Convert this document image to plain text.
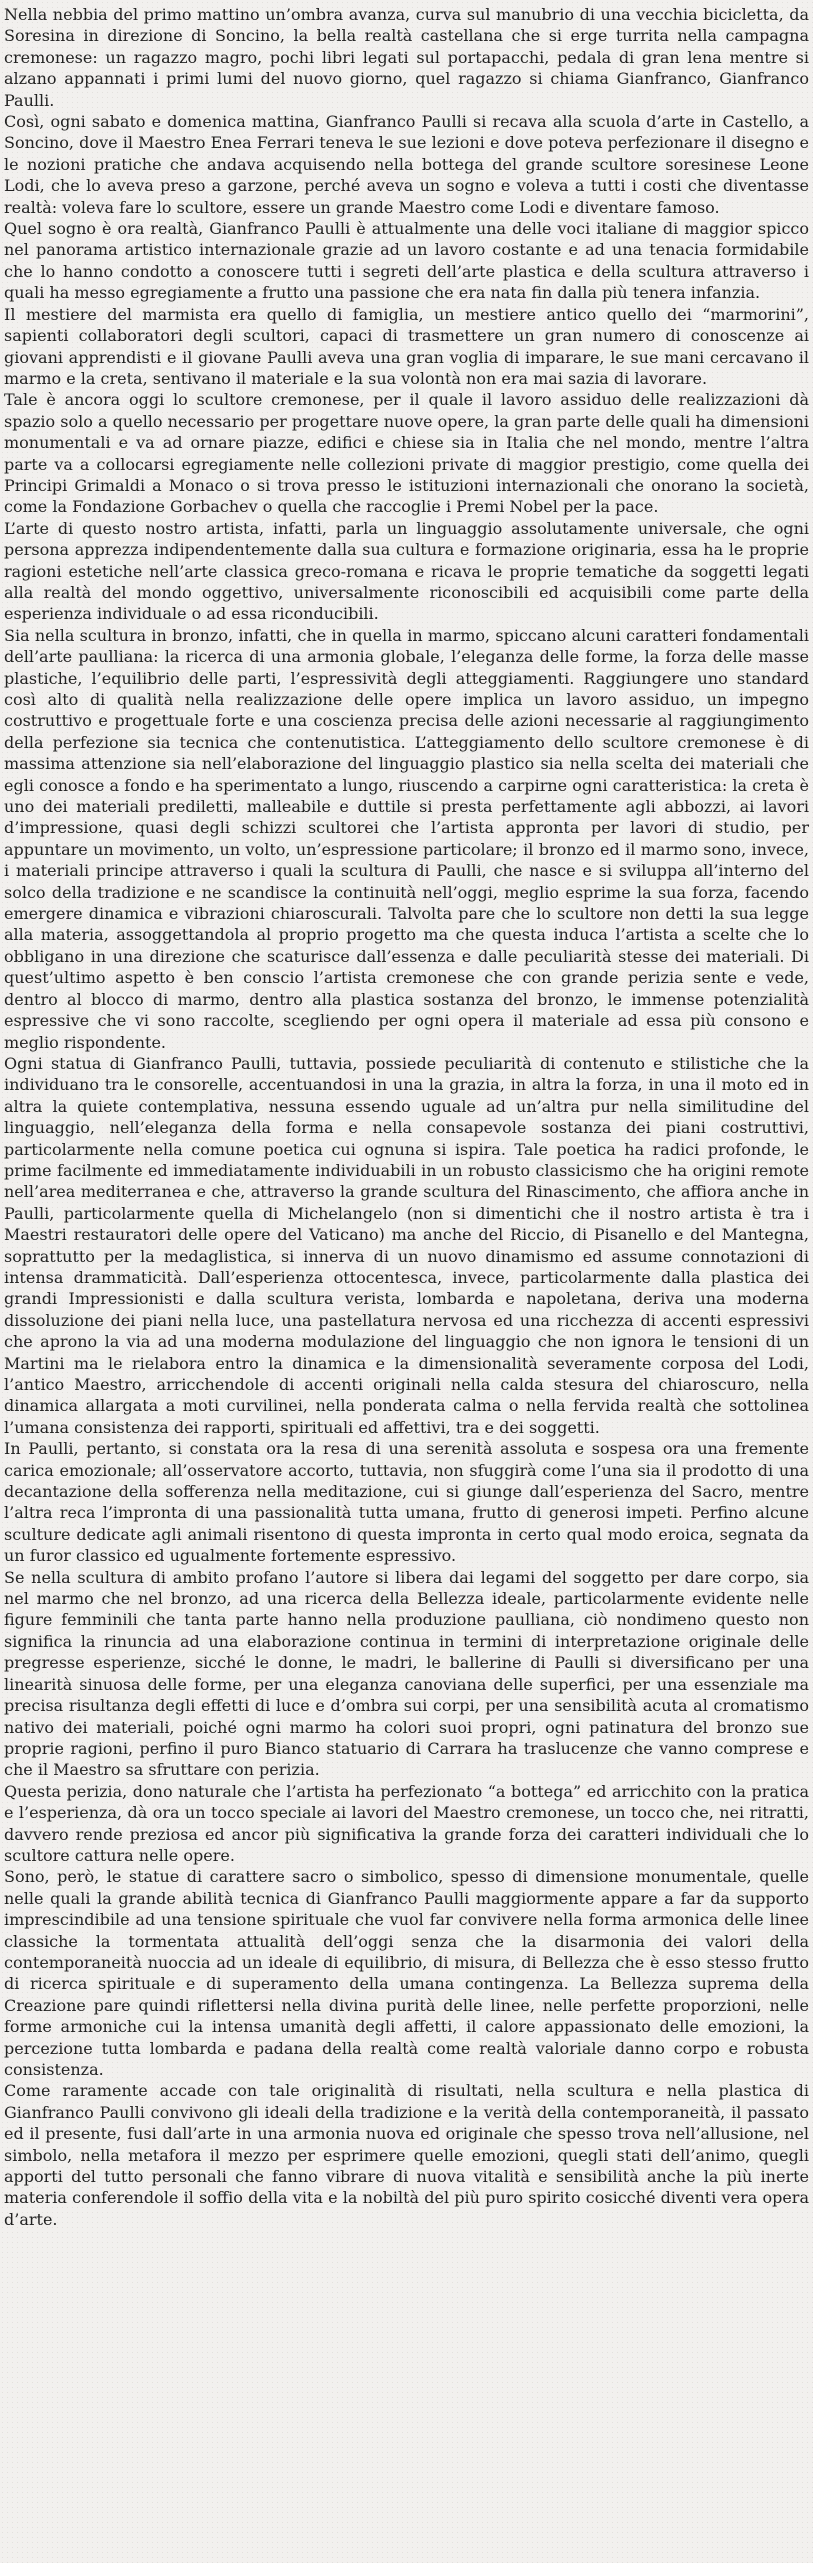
Nella nebbia del primo mattino un’ombra avanza, curva sul manubrio di una vecchia bicicletta, da Soresina in direzione di Soncino, la bella realtà castellana che si erge turrita nella campagna cremonese: un ragazzo magro, pochi libri legati sul portapacchi, pedala di gran lena mentre si alzano appannati i primi lumi del nuovo giorno, quel ragazzo si chiama Gianfranco, Gianfranco Paulli.

Così, ogni sabato e domenica mattina, Gianfranco Paulli si recava alla scuola d’arte in Castello, a Soncino, dove il Maestro Enea Ferrari teneva le sue lezioni e dove poteva perfezionare il disegno e le nozioni pratiche che andava acquisendo nella bottega del grande scultore soresinese Leone Lodi, che lo aveva preso a garzone, perché aveva un sogno e voleva a tutti i costi che diventasse realtà: voleva fare lo scultore, essere un grande Maestro come Lodi e diventare famoso.

Quel sogno è ora realtà, Gianfranco Paulli è attualmente una delle voci italiane di maggior spicco nel panorama artistico internazionale grazie ad un lavoro costante e ad una tenacia formidabile che lo hanno condotto a conoscere tutti i segreti dell’arte plastica e della scultura attraverso i quali ha messo egregiamente a frutto una passione che era nata fin dalla più tenera infanzia.

Il mestiere del marmista era quello di famiglia, un mestiere antico quello dei “marmorini”, sapienti collaboratori degli scultori, capaci di trasmettere un gran numero di conoscenze ai giovani apprendisti e il giovane Paulli aveva una gran voglia di imparare, le sue mani cercavano il marmo e la creta, sentivano il materiale e la sua volontà non era mai sazia di lavorare.

Tale è ancora oggi lo scultore cremonese, per il quale il lavoro assiduo delle realizzazioni dà spazio solo a quello necessario per progettare nuove opere, la gran parte delle quali ha dimensioni monumentali e va ad ornare piazze, edifici e chiese sia in Italia che nel mondo, mentre l’altra parte va a collocarsi egregiamente nelle collezioni private di maggior prestigio, come quella dei Principi Grimaldi a Monaco o si trova presso le istituzioni internazionali che onorano la società, come la Fondazione Gorbachev o quella che raccoglie i Premi Nobel per la pace.

L’arte di questo nostro artista, infatti, parla un linguaggio assolutamente universale, che ogni persona apprezza indipendentemente dalla sua cultura e formazione originaria, essa ha le proprie ragioni estetiche nell’arte classica greco-romana e ricava le proprie tematiche da soggetti legati alla realtà del mondo oggettivo, universalmente riconoscibili ed acquisibili come parte della esperienza individuale o ad essa riconducibili.

Sia nella scultura in bronzo, infatti, che in quella in marmo, spiccano alcuni caratteri fondamentali dell’arte paulliana: la ricerca di una armonia globale, l’eleganza delle forme, la forza delle masse plastiche, l’equilibrio delle parti, l’espressività degli atteggiamenti. Raggiungere uno standard così alto di qualità nella realizzazione delle opere implica un lavoro assiduo, un impegno costruttivo e progettuale forte e una coscienza precisa delle azioni necessarie al raggiungimento della perfezione sia tecnica che contenutistica. L’atteggiamento dello scultore cremonese è di massima attenzione sia nell’elaborazione del linguaggio plastico sia nella scelta dei materiali che egli conosce a fondo e ha sperimentato a lungo, riuscendo a carpirne ogni caratteristica: la creta è uno dei materiali prediletti, malleabile e duttile si presta perfettamente agli abbozzi, ai lavori d’impressione, quasi degli schizzi scultorei che l’artista appronta per lavori di studio, per appuntare un movimento, un volto, un’espressione particolare; il bronzo ed il marmo sono, invece, i materiali principe attraverso i quali la scultura di Paulli, che nasce e si sviluppa all’interno del solco della tradizione e ne scandisce la continuità nell’oggi, meglio esprime la sua forza, facendo emergere dinamica e vibrazioni chiaroscurali. Talvolta pare che lo scultore non detti la sua legge alla materia, assoggettandola al proprio progetto ma che questa induca l’artista a scelte che lo obbligano in una direzione che scaturisce dall’essenza e dalle peculiarità stesse dei materiali. Di quest’ultimo aspetto è ben conscio l’artista cremonese che con grande perizia sente e vede, dentro al blocco di marmo, dentro alla plastica sostanza del bronzo, le immense potenzialità espressive che vi sono raccolte, scegliendo per ogni opera il materiale ad essa più consono e meglio rispondente.

Ogni statua di Gianfranco Paulli, tuttavia, possiede peculiarità di contenuto e stilistiche che la individuano tra le consorelle, accentuandosi in una la grazia, in altra la forza, in una il moto ed in altra la quiete contemplativa, nessuna essendo uguale ad un’altra pur nella similitudine del linguaggio, nell’eleganza della forma e nella consapevole sostanza dei piani costruttivi, particolarmente nella comune poetica cui ognuna si ispira. Tale poetica ha radici profonde, le prime facilmente ed immediatamente individuabili in un robusto classicismo che ha origini remote nell’area mediterranea e che, attraverso la grande scultura del Rinascimento, che affiora anche in Paulli, particolarmente quella di Michelangelo (non si dimentichi che il nostro artista è tra i Maestri restauratori delle opere del Vaticano) ma anche del Riccio, di Pisanello e del Mantegna, soprattutto per la medaglistica, si innerva di un nuovo dinamismo ed assume connotazioni di intensa drammaticità. Dall’esperienza ottocentesca, invece, particolarmente dalla plastica dei grandi Impressionisti e dalla scultura verista, lombarda e napoletana, deriva una moderna dissoluzione dei piani nella luce, una pastellatura nervosa ed una ricchezza di accenti espressivi che aprono la via ad una moderna modulazione del linguaggio che non ignora le tensioni di un Martini ma le rielabora entro la dinamica e la dimensionalità severamente corposa del Lodi, l’antico Maestro, arricchendole di accenti originali nella calda stesura del chiaroscuro, nella dinamica allargata a moti curvilinei, nella ponderata calma o nella fervida realtà che sottolinea l’umana consistenza dei rapporti, spirituali ed affettivi, tra e dei soggetti.

In Paulli, pertanto, si constata ora la resa di una serenità assoluta e sospesa ora una fremente carica emozionale; all’osservatore accorto, tuttavia, non sfuggirà come l’una sia il prodotto di una decantazione della sofferenza nella meditazione, cui si giunge dall’esperienza del Sacro, mentre l’altra reca l’impronta di una passionalità tutta umana, frutto di generosi impeti. Perfino alcune sculture dedicate agli animali risentono di questa impronta in certo qual modo eroica, segnata da un furor classico ed ugualmente fortemente espressivo.

Se nella scultura di ambito profano l’autore si libera dai legami del soggetto per dare corpo, sia nel marmo che nel bronzo, ad una ricerca della Bellezza ideale, particolarmente evidente nelle figure femminili che tanta parte hanno nella produzione paulliana, ciò nondimeno questo non significa la rinuncia ad una elaborazione continua in termini di interpretazione originale delle pregresse esperienze, sicché le donne, le madri, le ballerine di Paulli si diversificano per una linearità sinuosa delle forme, per una eleganza canoviana delle superfici, per una essenziale ma precisa risultanza degli effetti di luce e d’ombra sui corpi, per una sensibilità acuta al cromatismo nativo dei materiali, poiché ogni marmo ha colori suoi propri, ogni patinatura del bronzo sue proprie ragioni, perfino il puro Bianco statuario di Carrara ha traslucenze che vanno comprese e che il Maestro sa sfruttare con perizia.

Questa perizia, dono naturale che l’artista ha perfezionato “a bottega” ed arricchito con la pratica e l’esperienza, dà ora un tocco speciale ai lavori del Maestro cremonese, un tocco che, nei ritratti, davvero rende preziosa ed ancor più significativa la grande forza dei caratteri individuali che lo scultore cattura nelle opere.

Sono, però, le statue di carattere sacro o simbolico, spesso di dimensione monumentale, quelle nelle quali la grande abilità tecnica di Gianfranco Paulli maggiormente appare a far da supporto imprescindibile ad una tensione spirituale che vuol far convivere nella forma armonica delle linee classiche la tormentata attualità dell’oggi senza che la disarmonia dei valori della contemporaneità nuoccia ad un ideale di equilibrio, di misura, di Bellezza che è esso stesso frutto di ricerca spirituale e di superamento della umana contingenza. La Bellezza suprema della Creazione pare quindi riflettersi nella divina purità delle linee, nelle perfette proporzioni, nelle forme armoniche cui la intensa umanità degli affetti, il calore appassionato delle emozioni, la percezione tutta lombarda e padana della realtà come realtà valoriale danno corpo e robusta consistenza.

Come raramente accade con tale originalità di risultati, nella scultura e nella plastica di Gianfranco Paulli convivono gli ideali della tradizione e la verità della contemporaneità, il passato ed il presente, fusi dall’arte in una armonia nuova ed originale che spesso trova nell’allusione, nel simbolo, nella metafora il mezzo per esprimere quelle emozioni, quegli stati dell’animo, quegli apporti del tutto personali che fanno vibrare di nuova vitalità e sensibilità anche la più inerte materia conferendole il soffio della vita e la nobiltà del più puro spirito cosicché diventi vera opera d’arte.
